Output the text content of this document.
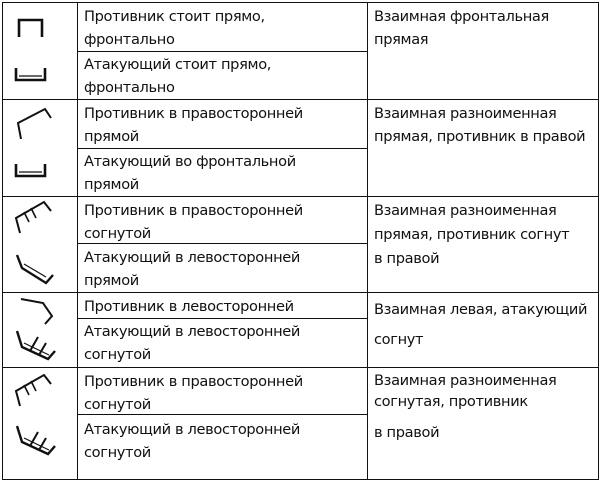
Противник стоит прямо,
фронтально
Атакующий стоит прямо,
фронтально
Взаимная фронтальная
прямая
Противник в правосторонней
прямой
Атакующий во фронтальной
прямой
Взаимная разноименная
прямая, противник в правой
Противник в правосторонней
согнутой
Атакующий в левосторонней
прямой
Взаимная разноименная
прямая, противник согнут
в правой
Противник в левосторонней
Атакующий в левосторонней
согнутой
Взаимная левая, атакующий
согнут
Противник в правосторонней
согнутой
Атакующий в левосторонней
согнутой
Взаимная разноименная
согнутая, противник
в правой
